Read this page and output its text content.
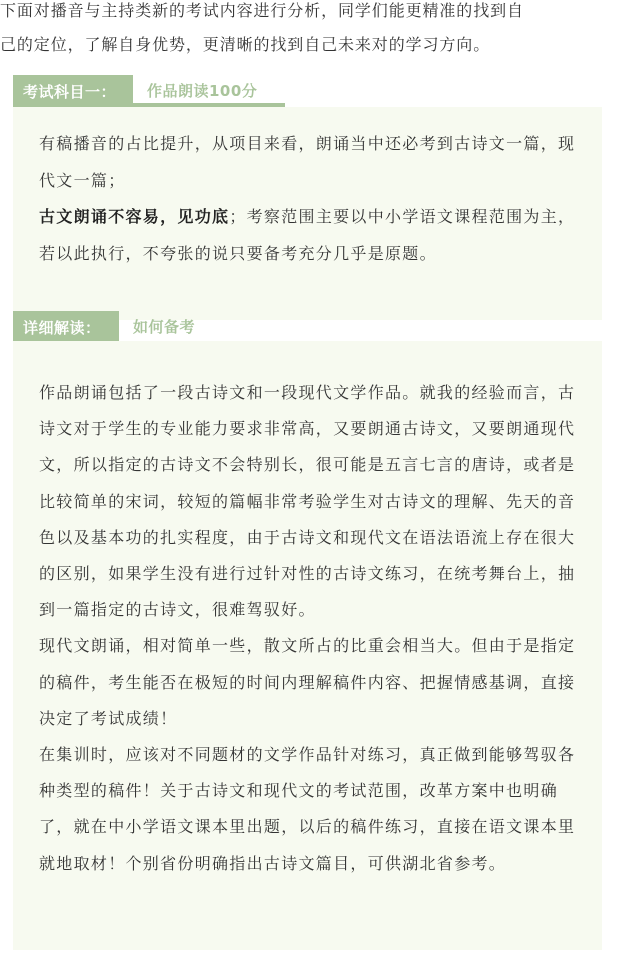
下面对播音与主持类新的考试内容进行分析，同学们能更精准的找到自

己的定位，了解自身优势，更清晰的找到自己未来对的学习方向。

考试科目一：	作品朗读100分

有稿播音的占比提升，从项目来看，朗诵当中还必考到古诗文一篇，现代文一篇；

古文朗诵不容易，见功底；考察范围主要以中小学语文课程范围为主，若以此执行，不夸张的说只要备考充分几乎是原题。

详细解读：	如何备考

作品朗诵包括了一段古诗文和一段现代文学作品。就我的经验而言，古诗文对于学生的专业能力要求非常高，又要朗通古诗文，又要朗通现代文，所以指定的古诗文不会特别长，很可能是五言七言的唐诗，或者是比较简单的宋词，较短的篇幅非常考验学生对古诗文的理解、先天的音色以及基本功的扎实程度，由于古诗文和现代文在语法语流上存在很大的区别，如果学生没有进行过针对性的古诗文练习，在统考舞台上，抽到一篇指定的古诗文，很难驾驭好。

现代文朗诵，相对简单一些，散文所占的比重会相当大。但由于是指定的稿件，考生能否在极短的时间内理解稿件内容、把握情感基调，直接决定了考试成绩！

在集训时，应该对不同题材的文学作品针对练习，真正做到能够驾驭各种类型的稿件！关于古诗文和现代文的考试范围，改革方案中也明确了，就在中小学语文课本里出题，以后的稿件练习，直接在语文课本里就地取材！个别省份明确指出古诗文篇目，可供湖北省参考。
